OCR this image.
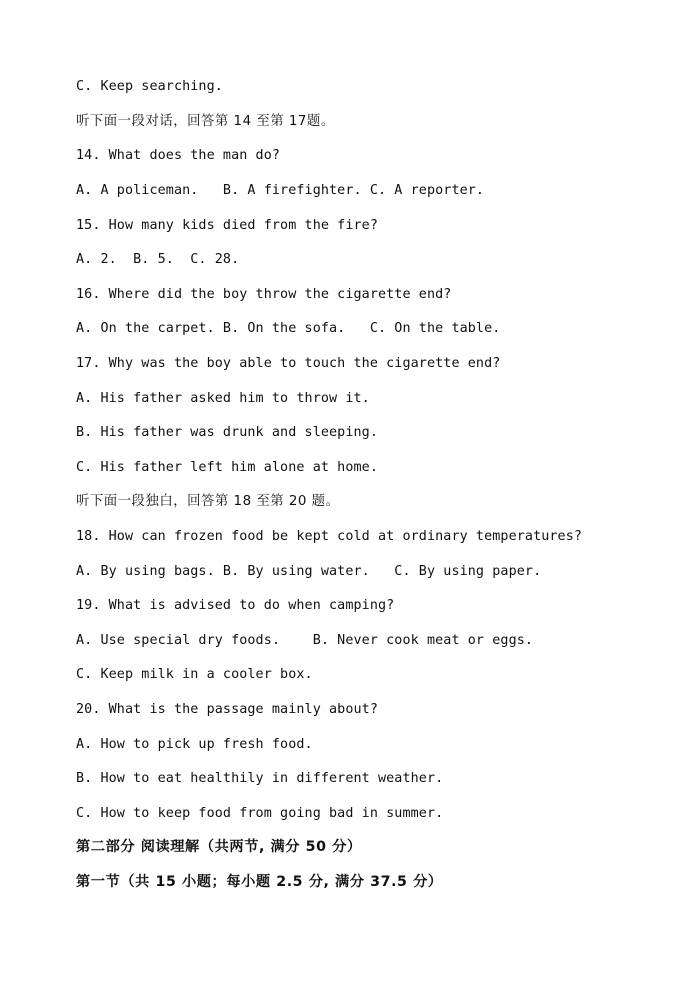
C. Keep searching.
听下面一段对话，回答第 14 至第 17题。
14. What does the man do?
A. A policeman.   B. A firefighter. C. A reporter.
15. How many kids died from the fire?
A. 2.  B. 5.  C. 28.
16. Where did the boy throw the cigarette end?
A. On the carpet. B. On the sofa.   C. On the table.
17. Why was the boy able to touch the cigarette end?
A. His father asked him to throw it.
B. His father was drunk and sleeping.
C. His father left him alone at home.
听下面一段独白，回答第 18 至第 20 题。
18. How can frozen food be kept cold at ordinary temperatures?
A. By using bags. B. By using water.   C. By using paper.
19. What is advised to do when camping?
A. Use special dry foods.    B. Never cook meat or eggs.
C. Keep milk in a cooler box.
20. What is the passage mainly about?
A. How to pick up fresh food.
B. How to eat healthily in different weather.
C. How to keep food from going bad in summer.
第二部分 阅读理解（共两节, 满分 50 分）
第一节（共 15 小题；每小题 2.5 分, 满分 37.5 分）
